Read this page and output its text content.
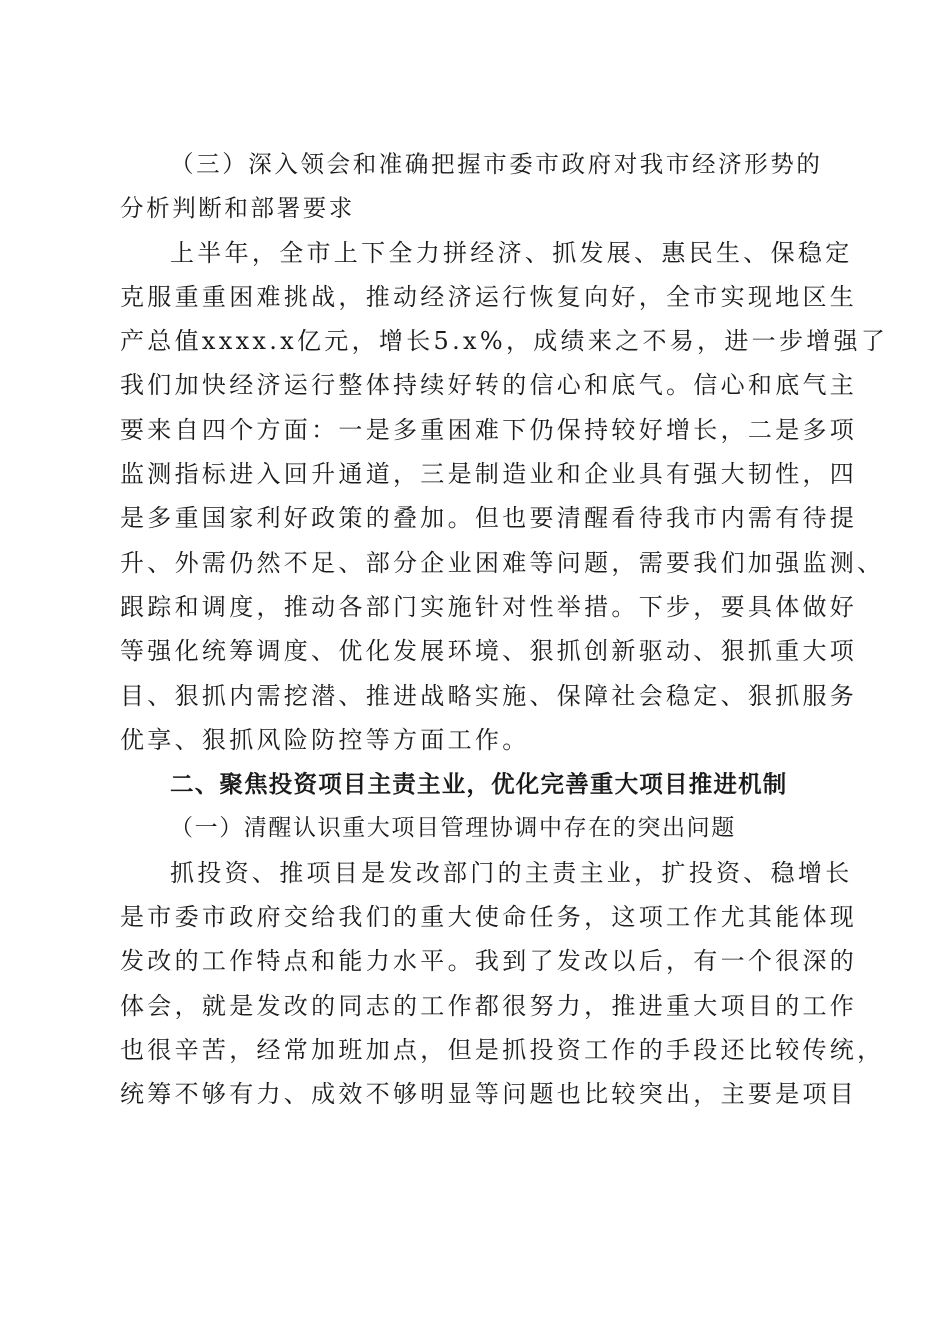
（三）深入领会和准确把握市委市政府对我市经济形势的
分析判断和部署要求
上半年，全市上下全力拼经济、抓发展、惠民生、保稳定
克服重重困难挑战，推动经济运行恢复向好，全市实现地区生
产总值xxxx.x亿元，增长5.x%，成绩来之不易，进一步增强了
我们加快经济运行整体持续好转的信心和底气。信心和底气主
要来自四个方面：一是多重困难下仍保持较好增长，二是多项
监测指标进入回升通道，三是制造业和企业具有强大韧性，四
是多重国家利好政策的叠加。但也要清醒看待我市内需有待提
升、外需仍然不足、部分企业困难等问题，需要我们加强监测、
跟踪和调度，推动各部门实施针对性举措。下步，要具体做好
等强化统筹调度、优化发展环境、狠抓创新驱动、狠抓重大项
目、狠抓内需挖潜、推进战略实施、保障社会稳定、狠抓服务
优享、狠抓风险防控等方面工作。
二、聚焦投资项目主责主业，优化完善重大项目推进机制
（一）清醒认识重大项目管理协调中存在的突出问题
抓投资、推项目是发改部门的主责主业，扩投资、稳增长
是市委市政府交给我们的重大使命任务，这项工作尤其能体现
发改的工作特点和能力水平。我到了发改以后，有一个很深的
体会，就是发改的同志的工作都很努力，推进重大项目的工作
也很辛苦，经常加班加点，但是抓投资工作的手段还比较传统，
统筹不够有力、成效不够明显等问题也比较突出，主要是项目
